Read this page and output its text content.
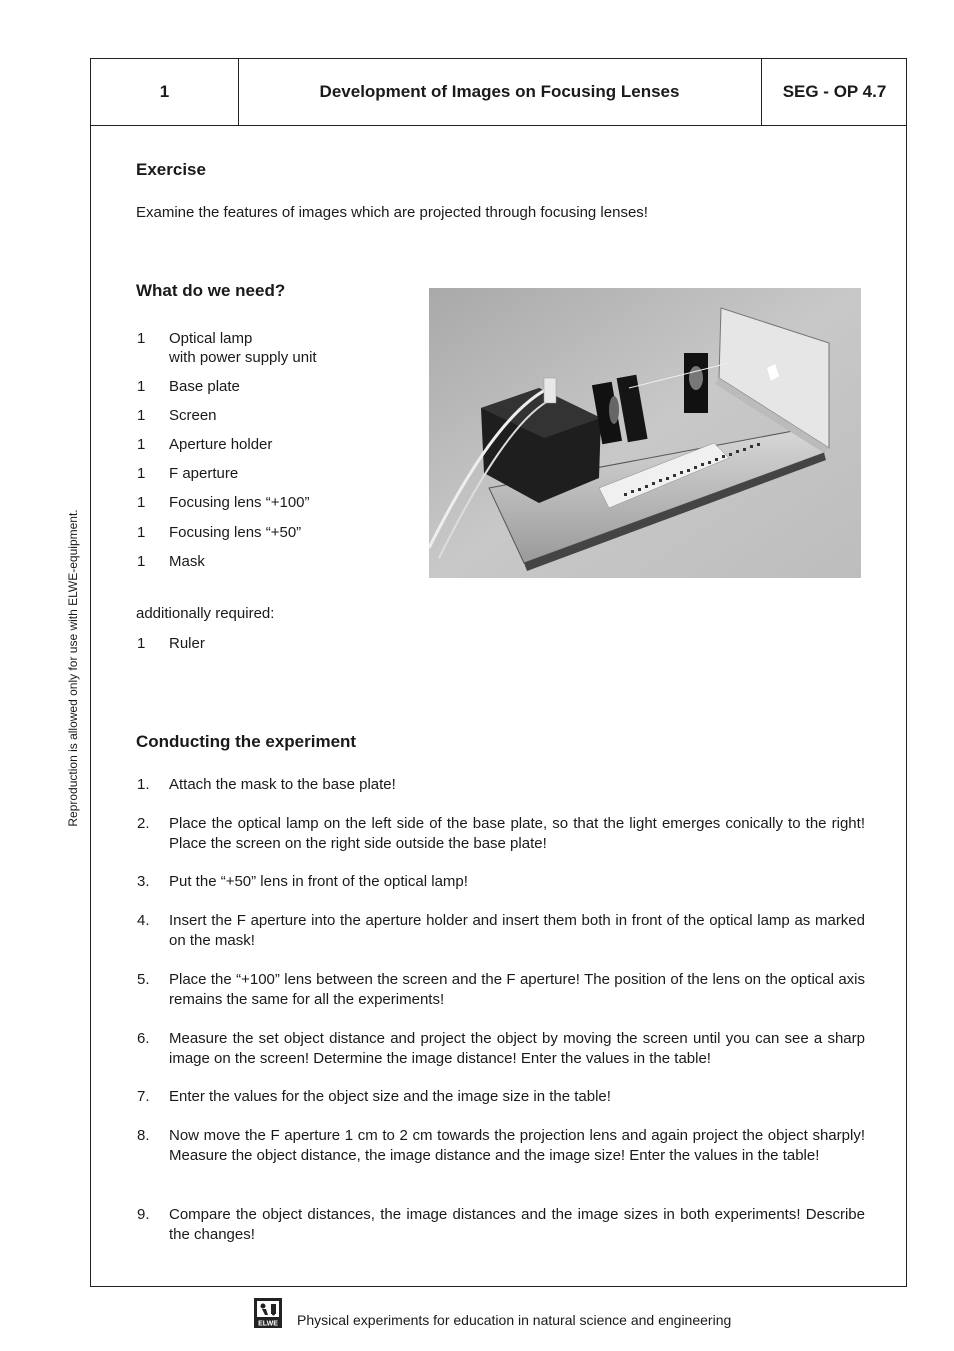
1	Development of Images on Focusing Lenses	SEG - OP 4.7
Exercise
Examine the features of images which are projected through focusing lenses!
What do we need?
1 Optical lamp
with power supply unit
1 Base plate
1 Screen
1 Aperture holder
1 F aperture
1 Focusing lens “+100”
1 Focusing lens “+50”
1 Mask
additionally required:
1 Ruler
Conducting the experiment
1. Attach the mask to the base plate!
2. Place the optical lamp on the left side of the base plate, so that the light emerges conically to the right! Place the screen on the right side outside the base plate!
3. Put the “+50” lens in front of the optical lamp!
4. Insert the F aperture into the aperture holder and insert them both in front of the optical lamp as marked on the mask!
5. Place the “+100” lens between the screen and the F aperture! The position of the lens on the optical axis remains the same for all the experiments!
6. Measure the set object distance and project the object by moving the screen until you can see a sharp image on the screen! Determine the image distance! Enter the values in the table!
7. Enter the values for the object size and the image size in the table!
8. Now move the F aperture 1 cm to 2 cm towards the projection lens and again project the object sharply! Measure the object distance, the image distance and the image size! Enter the values in the table!
9. Compare the object distances, the image distances and the image sizes in both experiments! Describe the changes!
Reproduction is allowed only for use with ELWE-equipment.
ELWE Physical experiments for education in natural science and engineering
